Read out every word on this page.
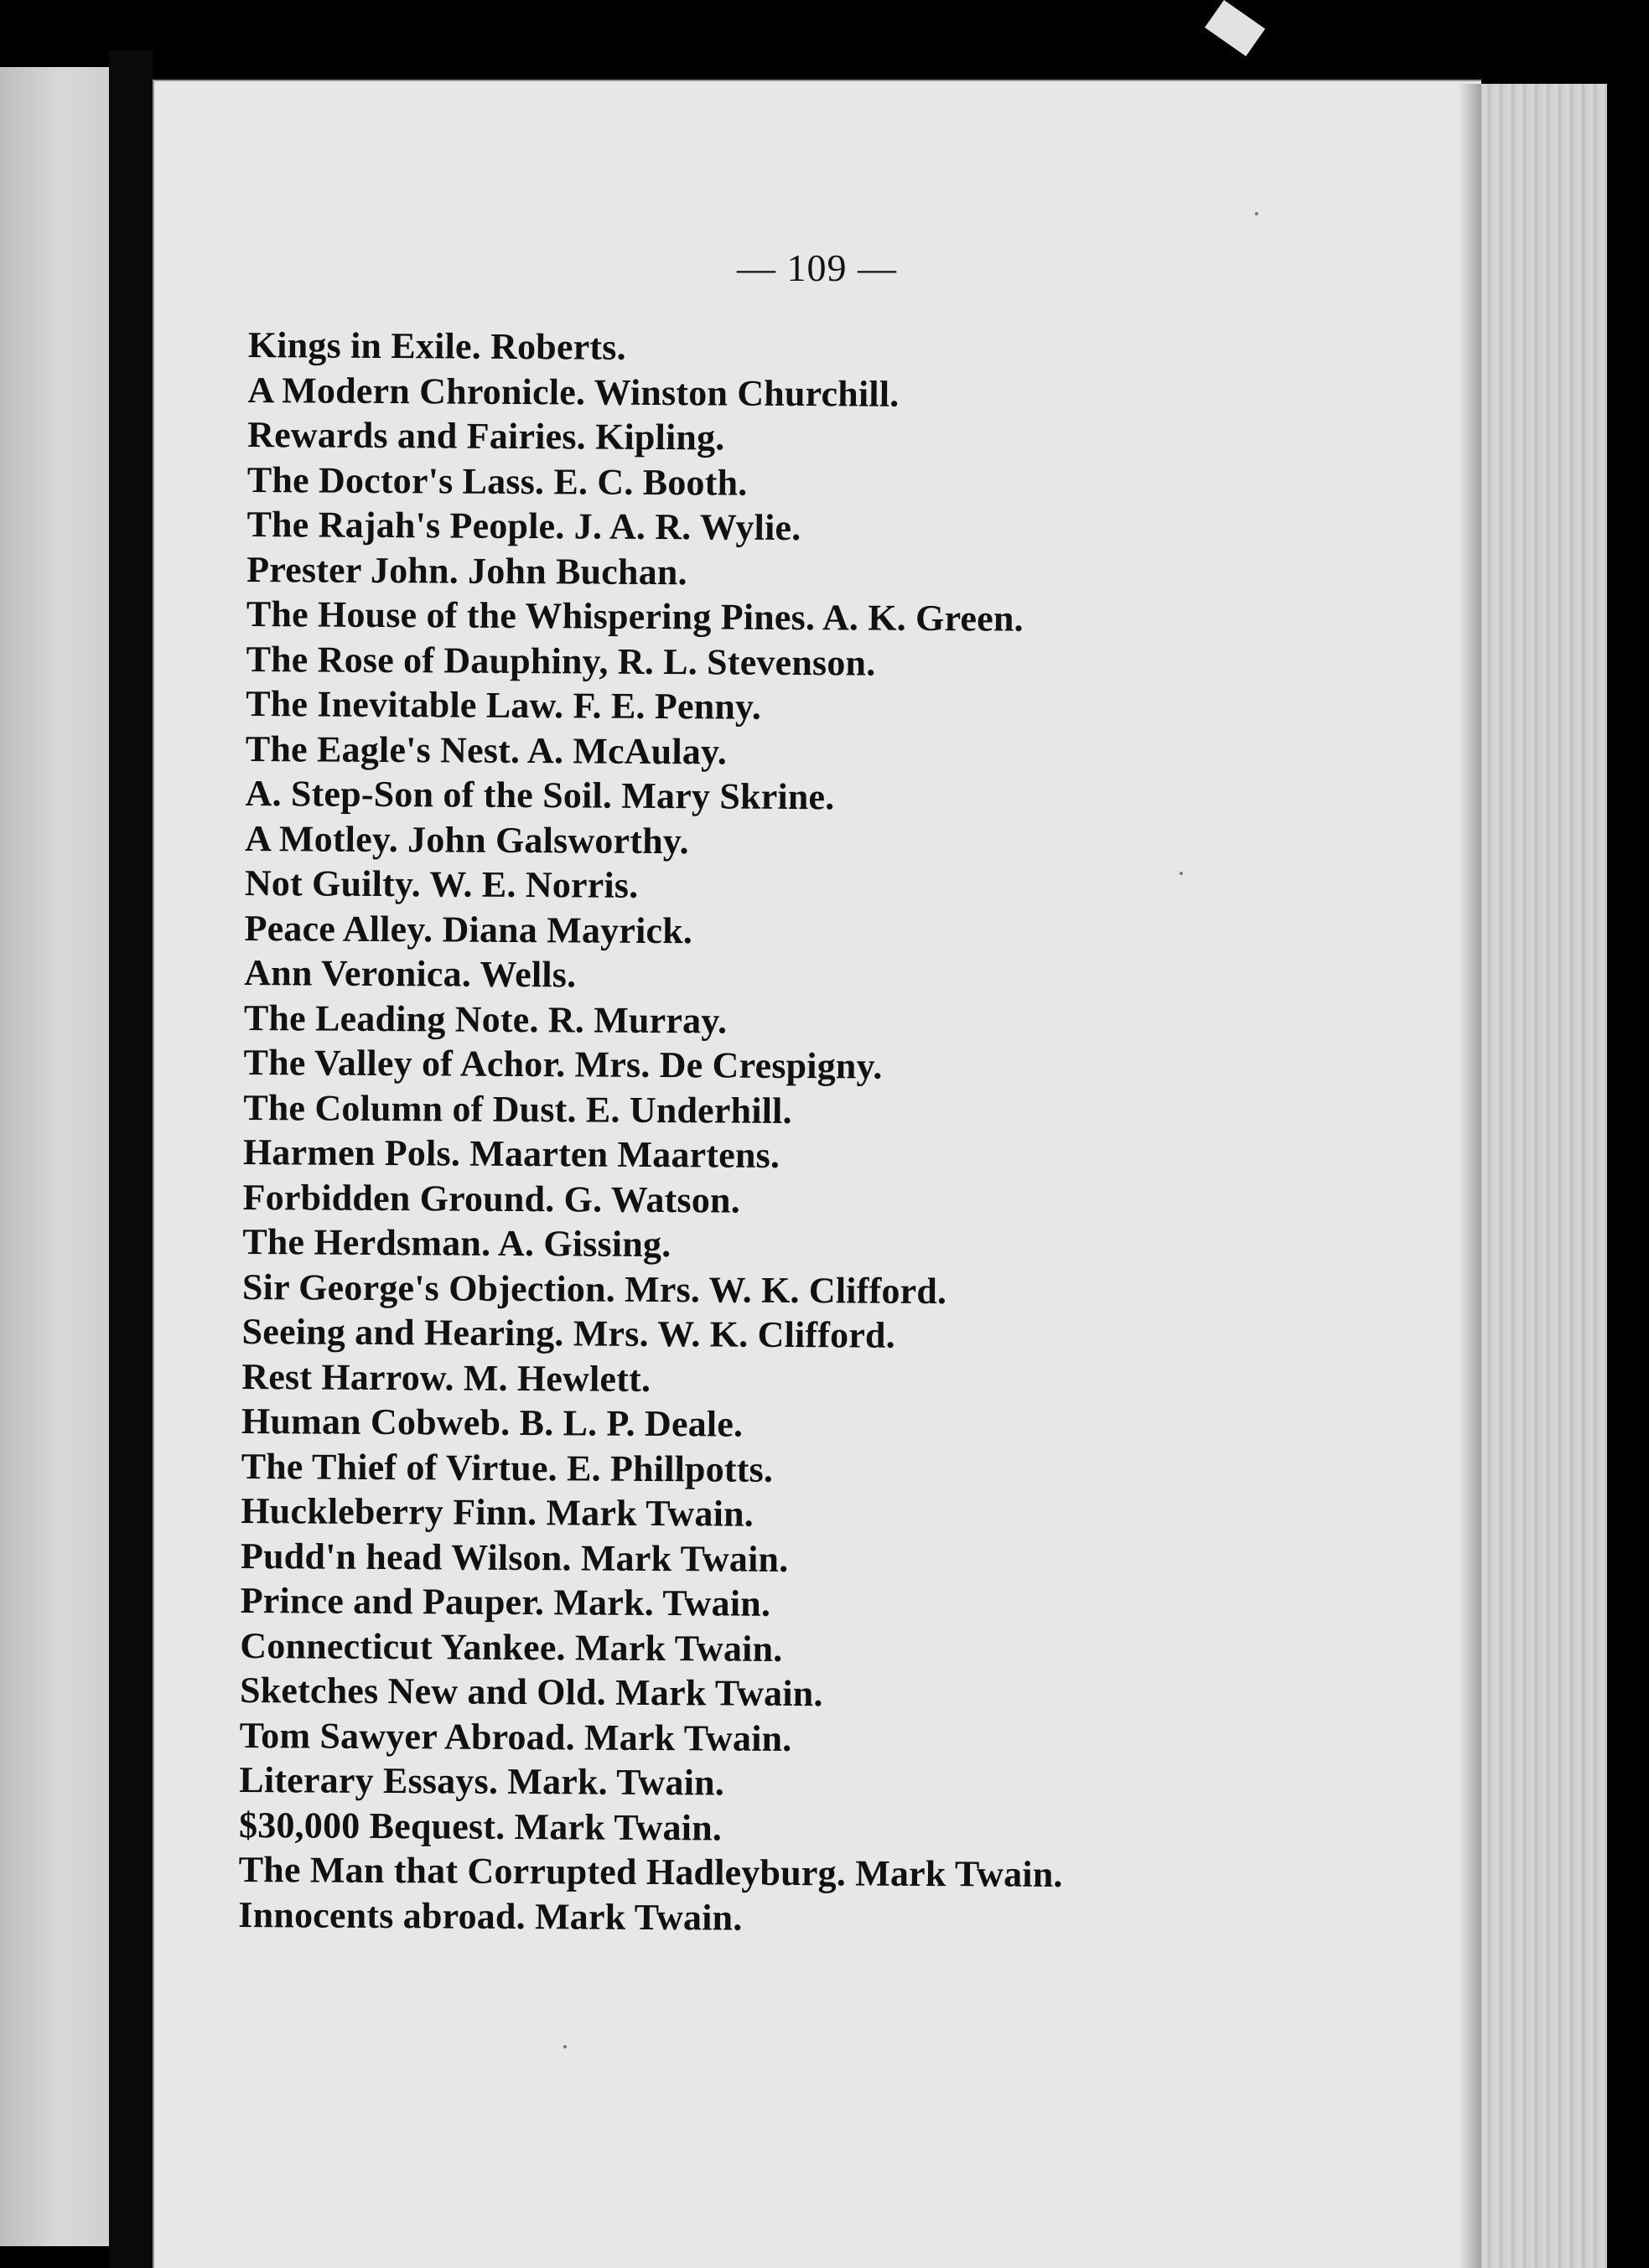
— 109 —
Kings in Exile. Roberts.
A Modern Chronicle. Winston Churchill.
Rewards and Fairies. Kipling.
The Doctor's Lass. E. C. Booth.
The Rajah's People. J. A. R. Wylie.
Prester John. John Buchan.
The House of the Whispering Pines. A. K. Green.
The Rose of Dauphiny, R. L. Stevenson.
The Inevitable Law. F. E. Penny.
The Eagle's Nest. A. McAulay.
A. Step-Son of the Soil. Mary Skrine.
A Motley. John Galsworthy.
Not Guilty. W. E. Norris.
Peace Alley. Diana Mayrick.
Ann Veronica. Wells.
The Leading Note. R. Murray.
The Valley of Achor. Mrs. De Crespigny.
The Column of Dust. E. Underhill.
Harmen Pols. Maarten Maartens.
Forbidden Ground. G. Watson.
The Herdsman. A. Gissing.
Sir George's Objection. Mrs. W. K. Clifford.
Seeing and Hearing. Mrs. W. K. Clifford.
Rest Harrow. M. Hewlett.
Human Cobweb. B. L. P. Deale.
The Thief of Virtue. E. Phillpotts.
Huckleberry Finn. Mark Twain.
Pudd'n head Wilson. Mark Twain.
Prince and Pauper. Mark. Twain.
Connecticut Yankee. Mark Twain.
Sketches New and Old. Mark Twain.
Tom Sawyer Abroad. Mark Twain.
Literary Essays. Mark. Twain.
$30,000 Bequest. Mark Twain.
The Man that Corrupted Hadleyburg. Mark Twain.
Innocents abroad. Mark Twain.
